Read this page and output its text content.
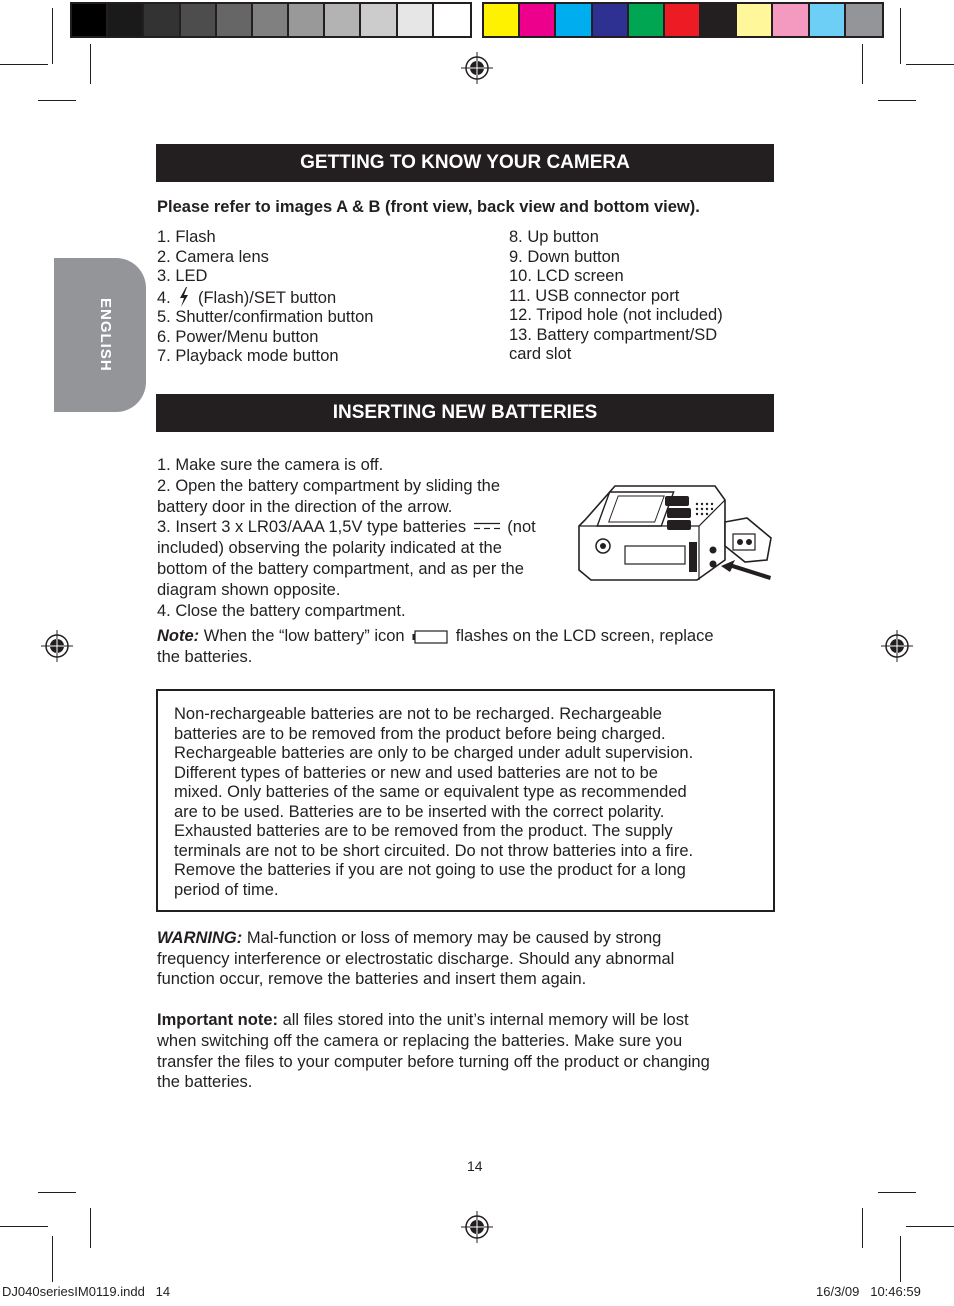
ENGLISH
GETTING TO KNOW YOUR CAMERA
Please refer to images A & B (front view, back view and bottom view).
1. Flash
2. Camera lens
3. LED
4. (Flash)/SET button
5. Shutter/confirmation button
6. Power/Menu button
7. Playback mode button
8. Up button
9. Down button
10. LCD screen
11. USB connector port
12. Tripod hole (not included)
13. Battery compartment/SD
card slot
INSERTING NEW BATTERIES
1. Make sure the camera is off.
2. Open the battery compartment by sliding the
battery door in the direction of the arrow.
3. Insert 3 x LR03/AAA 1,5V type batteries (not
included) observing the polarity indicated at the
bottom of the battery compartment, and as per the
diagram shown opposite.
4. Close the battery compartment.
Note: When the “low battery” icon	flashes on the LCD screen, replace
the batteries.
Non-rechargeable batteries are not to be recharged. Rechargeable
batteries are to be removed from the product before being charged.
Rechargeable batteries are only to be charged under adult supervision.
Different types of batteries or new and used batteries are not to be
mixed. Only batteries of the same or equivalent type as recommended
are to be used. Batteries are to be inserted with the correct polarity.
Exhausted batteries are to be removed from the product. The supply
terminals are not to be short circuited. Do not throw batteries into a fire.
Remove the batteries if you are not going to use the product for a long
period of time.
WARNING: Mal-function or loss of memory may be caused by strong
frequency interference or electrostatic discharge. Should any abnormal
function occur, remove the batteries and insert them again.
Important note: all files stored into the unit’s internal memory will be lost
when switching off the camera or replacing the batteries. Make sure you
transfer the files to your computer before turning off the product or changing
the batteries.
14
DJ040seriesIM0119.indd   14	16/3/09   10:46:59
